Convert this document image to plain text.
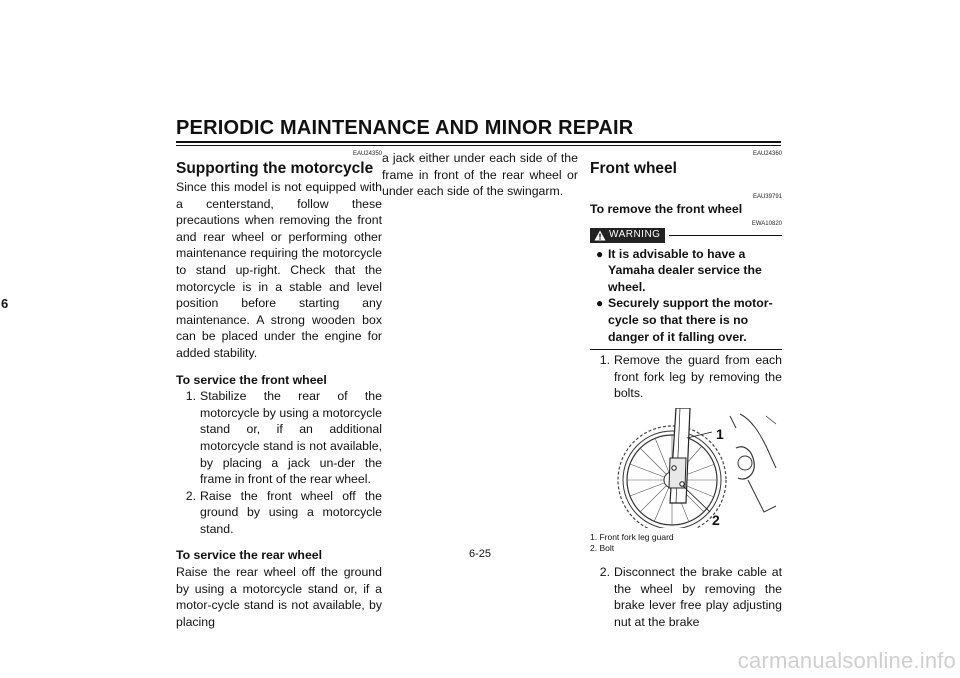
PERIODIC MAINTENANCE AND MINOR REPAIR
6
EAU24350
Supporting the motorcycle
Since this model is not equipped with a centerstand, follow these precautions when removing the front and rear wheel or performing other maintenance requiring the motorcycle to stand up-right. Check that the motorcycle is in a stable and level position before starting any maintenance. A strong wooden box can be placed under the engine for added stability.
To service the front wheel
1. Stabilize the rear of the motorcycle by using a motorcycle stand or, if an additional motorcycle stand is not available, by placing a jack un-der the frame in front of the rear wheel.
2. Raise the front wheel off the ground by using a motorcycle stand.
To service the rear wheel
Raise the rear wheel off the ground by using a motorcycle stand or, if a motor-cycle stand is not available, by placing
a jack either under each side of the frame in front of the rear wheel or under each side of the swingarm.
EAU24360
Front wheel
EAU39791
To remove the front wheel
EWA10820
WARNING
● It is advisable to have a Yamaha dealer service the wheel.
● Securely support the motor-cycle so that there is no danger of it falling over.
1. Remove the guard from each front fork leg by removing the bolts.
1
2
1. Front fork leg guard
2. Bolt
2. Disconnect the brake cable at the wheel by removing the brake lever free play adjusting nut at the brake
6-25
carmanualsonline.info
